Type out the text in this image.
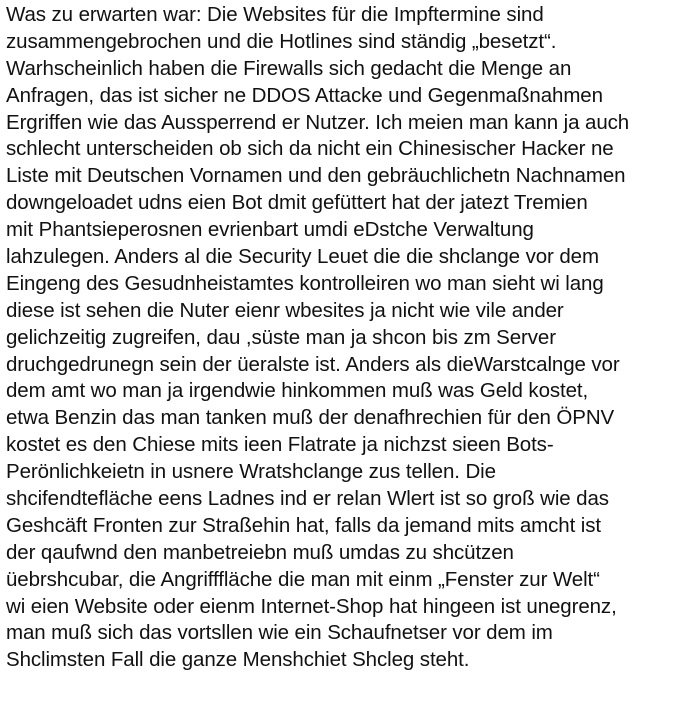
Was zu erwarten war: Die Websites für die Impftermine sind
zusammengebrochen und die Hotlines sind ständig „besetzt“.
Warhscheinlich haben die Firewalls sich gedacht die Menge an
Anfragen, das ist sicher ne DDOS Attacke und Gegenmaßnahmen
Ergriffen wie das Aussperrend er Nutzer. Ich meien man kann ja auch
schlecht unterscheiden ob sich da nicht ein Chinesischer Hacker ne
Liste mit Deutschen Vornamen und den gebräuchlichetn Nachnamen
downgeloadet udns eien Bot dmit gefüttert hat der jatezt Tremien
mit Phantsieperosnen evrienbart umdi eDstche Verwaltung
lahzulegen. Anders al die Security Leuet die die shclange vor dem
Eingeng des Gesudnheistamtes kontrolleiren wo man sieht wi lang
diese ist sehen die Nuter eienr wbesites ja nicht wie vile ander
gelichzeitig zugreifen, dau ,süste man ja shcon bis zm Server
druchgedrunegn sein der üeralste ist. Anders als dieWarstcalnge vor
dem amt wo man ja irgendwie hinkommen muß was Geld kostet,
etwa Benzin das man tanken muß der denafhrechien für den ÖPNV
kostet es den Chiese mits ieen Flatrate ja nichzst sieen Bots-
Perönlichkeietn in usnere Wratshclange zus tellen. Die
shcifendtefläche eens Ladnes ind er relan Wlert ist so groß wie das
Geshcäft Fronten zur Straßehin hat, falls da jemand mits amcht ist
der qaufwnd den manbetreiebn muß umdas zu shcützen
üebrshcubar, die Angrifffläche die man mit einm „Fenster zur Welt“
wi eien Website oder eienm Internet-Shop hat hingeen ist unegrenz,
man muß sich das vortsllen wie ein Schaufnetser vor dem im
Shclimsten Fall die ganze Menshchiet Shcleg steht.
